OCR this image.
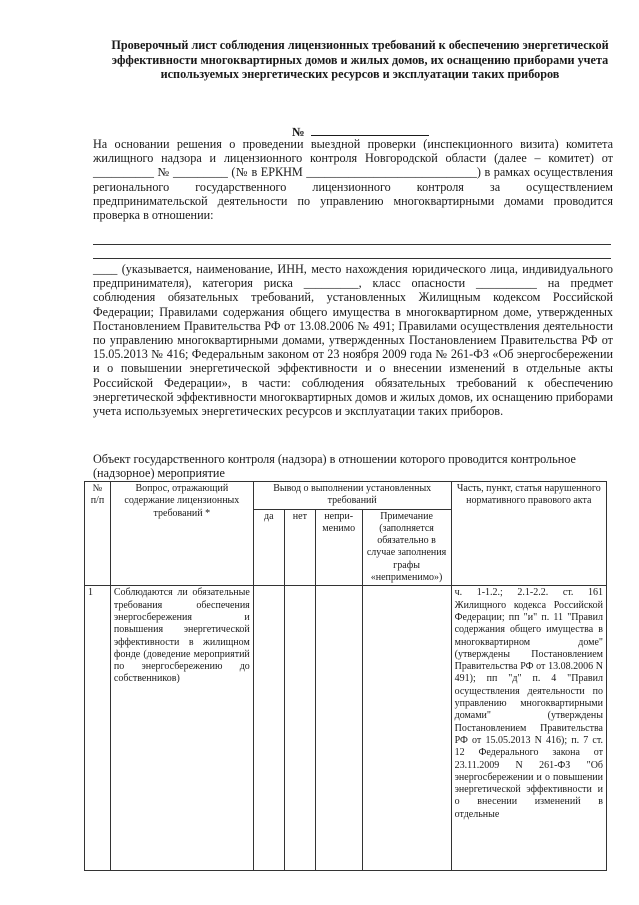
Проверочный лист соблюдения лицензионных требований к обеспечению энергетической эффективности многоквартирных домов и жилых домов, их оснащению приборами учета используемых энергетических ресурсов и эксплуатации таких приборов
№
На основании решения о проведении выездной проверки (инспекционного визита) комитета жилищного надзора и лицензионного контроля Новгородской области (далее – комитет) от __________ № _________ (№ в ЕРКНМ ____________________________) в рамках осуществления регионального государственного лицензионного контроля за осуществлением предпринимательской деятельности по управлению многоквартирными домами проводится проверка в отношении:
____ (указывается, наименование, ИНН, место нахождения юридического лица, индивидуального предпринимателя), категория риска _________, класс опасности __________ на предмет соблюдения обязательных требований, установленных Жилищным кодексом Российской Федерации; Правилами содержания общего имущества в многоквартирном доме, утвержденных Постановлением Правительства РФ от 13.08.2006 № 491; Правилами осуществления деятельности по управлению многоквартирными домами, утвержденных Постановлением Правительства РФ от 15.05.2013 № 416; Федеральным законом от 23 ноября 2009 года № 261-ФЗ «Об энергосбережении и о повышении энергетической эффективности и о внесении изменений в отдельные акты Российской Федерации», в части: соблюдения обязательных требований к обеспечению энергетической эффективности многоквартирных домов и жилых домов, их оснащению приборами учета используемых энергетических ресурсов и эксплуатации таких приборов.
Объект государственного контроля (надзора) в отношении которого проводится контрольное (надзорное) мероприятие
№ п/п	Вопрос, отражающий содержание лицензионных требований *	Вывод о выполнении установленных требований				Часть, пункт, статья нарушенного нормативного правового акта
		да	нет	непри-менимо	Примечание (заполняется обязательно в случае заполнения графы «неприменимо»)	
1	Соблюдаются ли обязательные требования обеспечения энергосбережения и повышения энергетической эффективности в жилищном фонде (доведение мероприятий по энергосбережению до собственников)					ч. 1-1.2.; 2.1-2.2. ст. 161 Жилищного кодекса Российской Федерации; пп "и" п. 11 "Правил содержания общего имущества в многоквартирном доме" (утверждены Постановлением Правительства РФ от 13.08.2006 N 491); пп "д" п. 4 "Правил осуществления деятельности по управлению многоквартирными домами" (утверждены Постановлением Правительства РФ от 15.05.2013 N 416); п. 7 ст. 12 Федерального закона от 23.11.2009 N 261-ФЗ "Об энергосбережении и о повышении энергетической эффективности и о внесении изменений в отдельные
